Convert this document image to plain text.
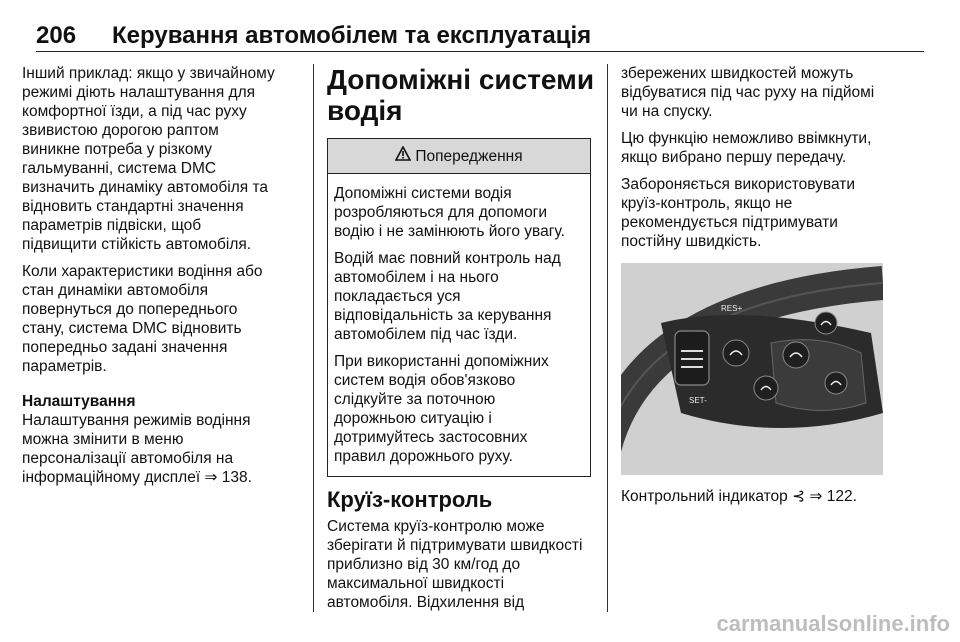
206 Керування автомобілем та експлуатація

Інший приклад: якщо у звичайному
режимі діють налаштування для
комфортної їзди, а під час руху
звивистою дорогою раптом
виникне потреба у різкому
гальмуванні, система DMC
визначить динаміку автомобіля та
відновить стандартні значення
параметрів підвіски, щоб
підвищити стійкість автомобіля.

Коли характеристики водіння або
стан динаміки автомобіля
повернуться до попереднього
стану, система DMC відновить
попередньо задані значення
параметрів.

Налаштування
Налаштування режимів водіння
можна змінити в меню
персоналізації автомобіля на
інформаційному дисплеї ⇒ 138.

Допоміжні системи
водія
Попередження

Допоміжні системи водія
розробляються для допомоги
водію і не замінюють його увагу.

Водій має повний контроль над
автомобілем і на нього
покладається уся
відповідальність за керування
автомобілем під час їзди.

При використанні допоміжних
систем водія обов'язково
слідкуйте за поточною
дорожньою ситуацію і
дотримуйтесь застосовних
правил дорожнього руху.

Круїз-контроль

Система круїз-контролю може
зберігати й підтримувати швидкості
приблизно від 30 км/год до
максимальної швидкості
автомобіля. Відхилення від

збережених швидкостей можуть
відбуватися під час руху на підйомі
чи на спуску.

Цю функцію неможливо ввімкнути,
якщо вибрано першу передачу.

Забороняється використовувати
круїз-контроль, якщо не
рекомендується підтримувати
постійну швидкість.

RES+
SET-

Контрольний індикатор ⊰ ⇒ 122.

carmanualsonline.info
